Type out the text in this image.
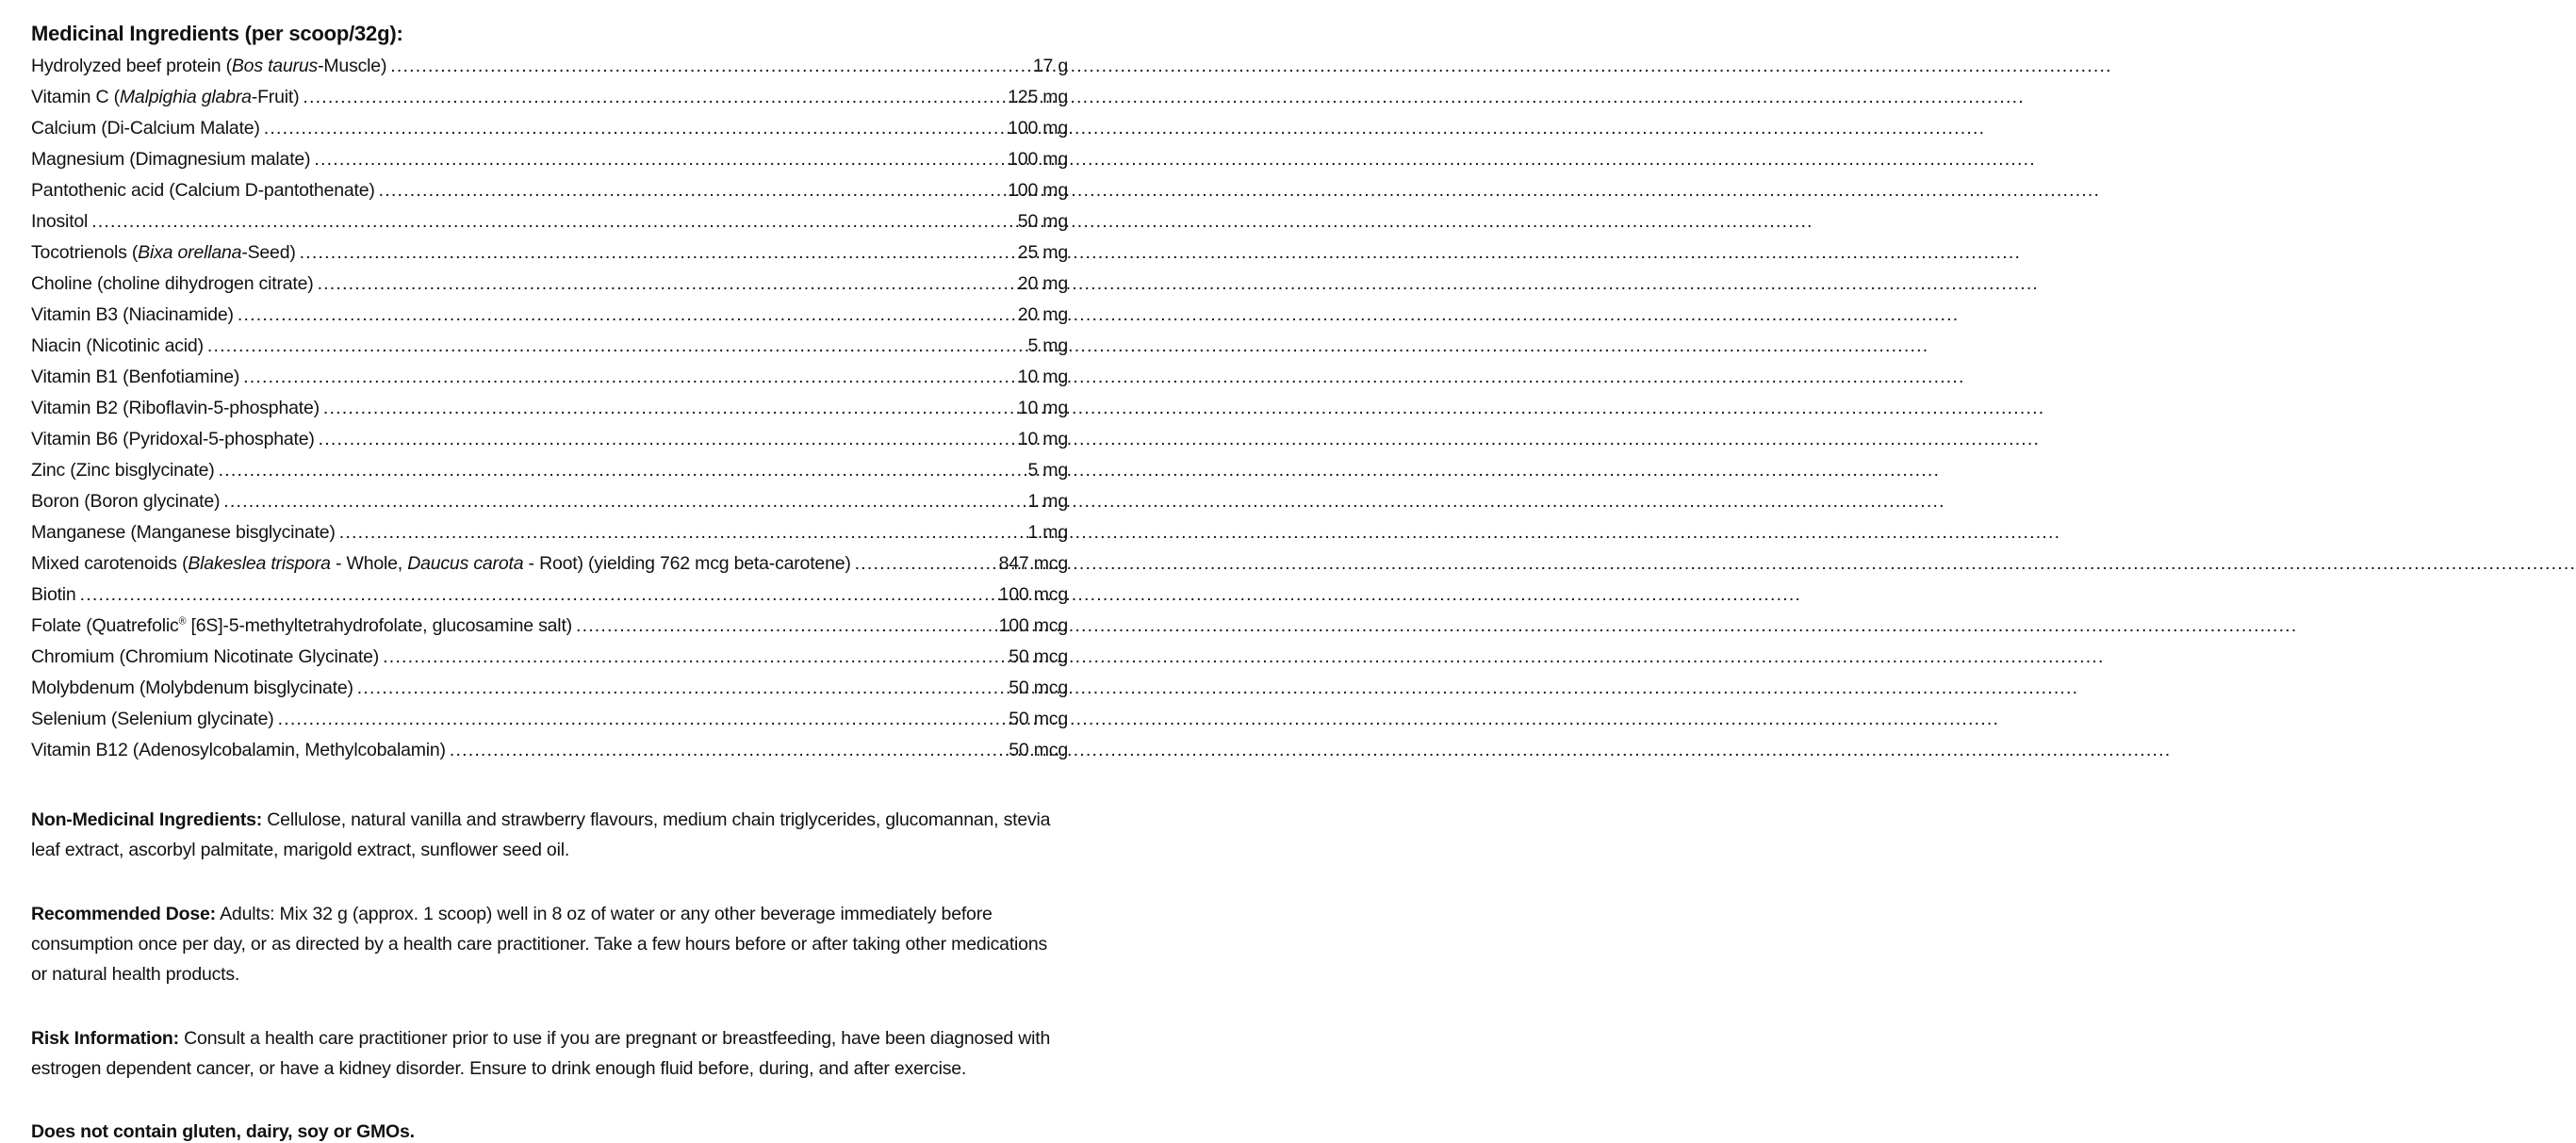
Medicinal Ingredients (per scoop/32g):
Hydrolyzed beef protein (Bos taurus-Muscle) .....	17 g
Vitamin C (Malpighia glabra-Fruit) .....	125 mg
Calcium (Di-Calcium Malate) .....	100 mg
Magnesium (Dimagnesium malate) .....	100 mg
Pantothenic acid (Calcium D-pantothenate) .....	100 mg
Inositol .....	50 mg
Tocotrienols (Bixa orellana-Seed) .....	25 mg
Choline (choline dihydrogen citrate) .....	20 mg
Vitamin B3 (Niacinamide) .....	20 mg
Niacin (Nicotinic acid) .....	5 mg
Vitamin B1 (Benfotiamine) .....	10 mg
Vitamin B2 (Riboflavin-5-phosphate) .....	10 mg
Vitamin B6 (Pyridoxal-5-phosphate) .....	10 mg
Zinc (Zinc bisglycinate) .....	5 mg
Boron (Boron glycinate) .....	1 mg
Manganese (Manganese bisglycinate) .....	1 mg
Mixed carotenoids (Blakeslea trispora - Whole, Daucus carota - Root) (yielding 762 mcg beta-carotene) .....	847 mcg
Biotin .....	100 mcg
Folate (Quatrefolic® [6S]-5-methyltetrahydrofolate, glucosamine salt) .....	100 mcg
Chromium (Chromium Nicotinate Glycinate) .....	50 mcg
Molybdenum (Molybdenum bisglycinate) .....	50 mcg
Selenium (Selenium glycinate) .....	50 mcg
Vitamin B12 (Adenosylcobalamin, Methylcobalamin) .....	50 mcg

Non-Medicinal Ingredients: Cellulose, natural vanilla and strawberry flavours, medium chain triglycerides, glucomannan, stevia leaf extract, ascorbyl palmitate, marigold extract, sunflower seed oil.

Recommended Dose: Adults: Mix 32 g (approx. 1 scoop) well in 8 oz of water or any other beverage immediately before consumption once per day, or as directed by a health care practitioner. Take a few hours before or after taking other medications or natural health products.

Risk Information: Consult a health care practitioner prior to use if you are pregnant or breastfeeding, have been diagnosed with estrogen dependent cancer, or have a kidney disorder. Ensure to drink enough fluid before, during, and after exercise.

Does not contain gluten, dairy, soy or GMOs.
